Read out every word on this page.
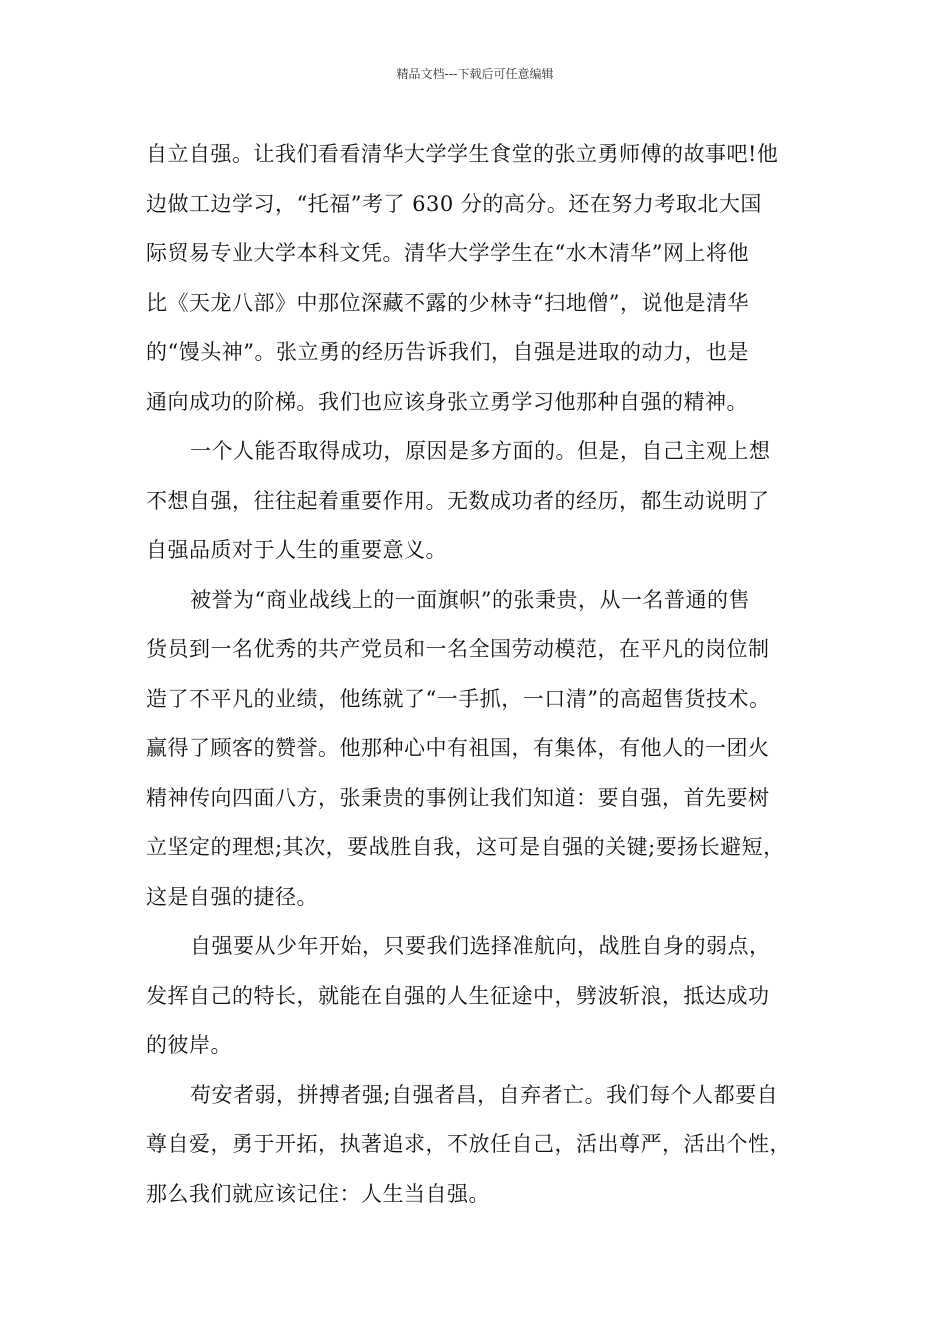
精品文档---下载后可任意编辑

自立自强。让我们看看清华大学学生食堂的张立勇师傅的故事吧!他
边做工边学习，“托福”考了 630 分的高分。还在努力考取北大国
际贸易专业大学本科文凭。清华大学学生在“水木清华”网上将他
比《天龙八部》中那位深藏不露的少林寺“扫地僧”，说他是清华
的“馒头神”。张立勇的经历告诉我们，自强是进取的动力，也是
通向成功的阶梯。我们也应该身张立勇学习他那种自强的精神。

一个人能否取得成功，原因是多方面的。但是，自己主观上想
不想自强，往往起着重要作用。无数成功者的经历，都生动说明了
自强品质对于人生的重要意义。

被誉为“商业战线上的一面旗帜”的张秉贵，从一名普通的售
货员到一名优秀的共产党员和一名全国劳动模范，在平凡的岗位制
造了不平凡的业绩，他练就了“一手抓，一口清”的高超售货技术。
赢得了顾客的赞誉。他那种心中有祖国，有集体，有他人的一团火
精神传向四面八方，张秉贵的事例让我们知道：要自强，首先要树
立坚定的理想;其次，要战胜自我，这可是自强的关键;要扬长避短，
这是自强的捷径。

自强要从少年开始，只要我们选择准航向，战胜自身的弱点，
发挥自己的特长，就能在自强的人生征途中，劈波斩浪，抵达成功
的彼岸。

苟安者弱，拼搏者强;自强者昌，自弃者亡。我们每个人都要自
尊自爱，勇于开拓，执著追求，不放任自己，活出尊严，活出个性，
那么我们就应该记住：人生当自强。
